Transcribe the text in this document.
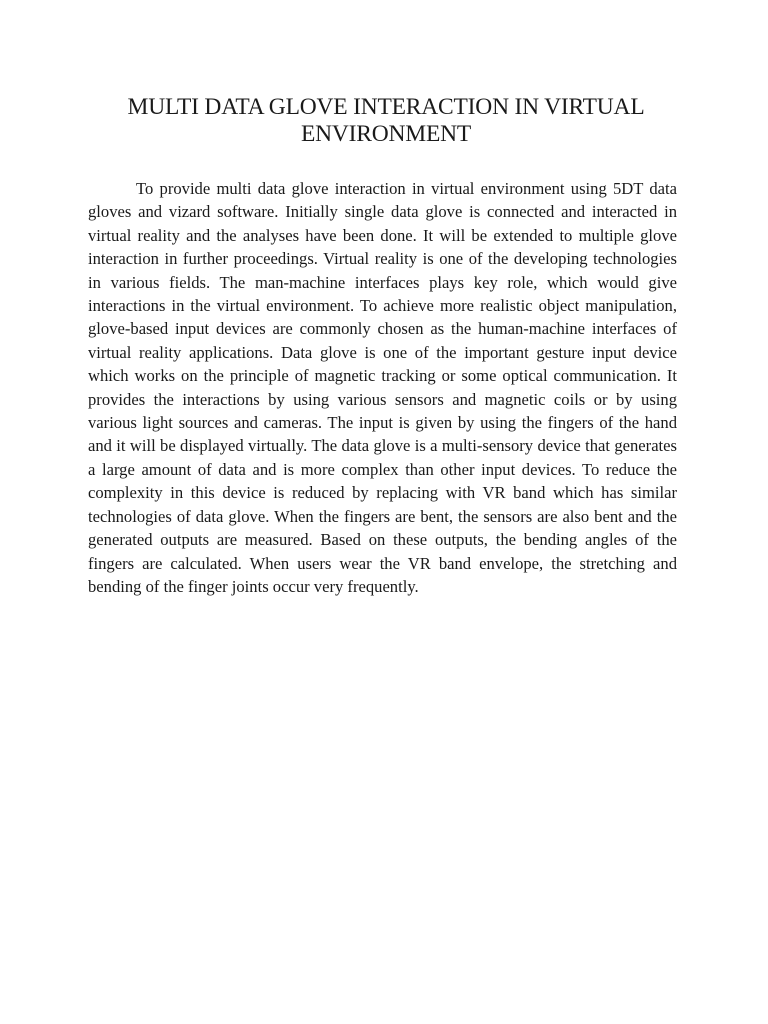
MULTI DATA GLOVE INTERACTION IN VIRTUAL
ENVIRONMENT

To provide multi data glove interaction in virtual environment using 5DT data gloves and vizard software. Initially single data glove is connected and interacted in virtual reality and the analyses have been done. It will be extended to multiple glove interaction in further proceedings. Virtual reality is one of the developing technologies in various fields. The man-machine interfaces plays key role, which would give interactions in the virtual environment. To achieve more realistic object manipulation, glove-based input devices are commonly chosen as the human-machine interfaces of virtual reality applications. Data glove is one of the important gesture input device which works on the principle of magnetic tracking or some optical communication. It provides the interactions by using various sensors and magnetic coils or by using various light sources and cameras. The input is given by using the fingers of the hand and it will be displayed virtually. The data glove is a multi-sensory device that generates a large amount of data and is more complex than other input devices. To reduce the complexity in this device is reduced by replacing with VR band which has similar technologies of data glove. When the fingers are bent, the sensors are also bent and the generated outputs are measured. Based on these outputs, the bending angles of the fingers are calculated. When users wear the VR band envelope, the stretching and bending of the finger joints occur very frequently.
